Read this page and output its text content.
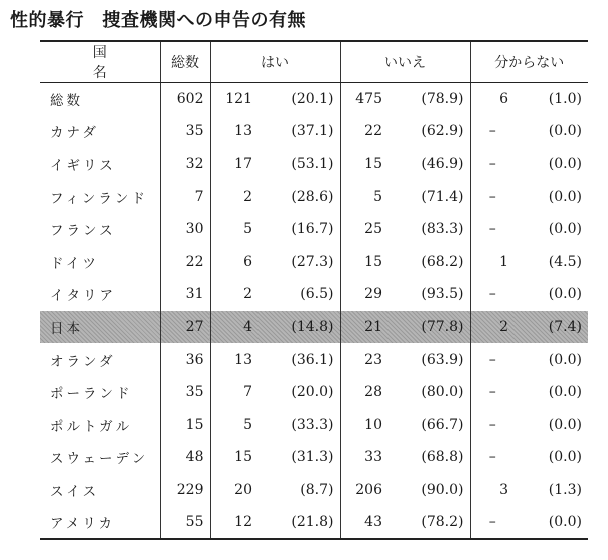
性的暴行　捜査機関への申告の有無
国　名	総数	はい		いいえ		分からない	
総数	602	121	(20.1)	475	(78.9)	6	(1.0)
カナダ	35	13	(37.1)	22	(62.9)	–	(0.0)
イギリス	32	17	(53.1)	15	(46.9)	–	(0.0)
フィンランド	7	2	(28.6)	5	(71.4)	–	(0.0)
フランス	30	5	(16.7)	25	(83.3)	–	(0.0)
ドイツ	22	6	(27.3)	15	(68.2)	1	(4.5)
イタリア	31	2	(6.5)	29	(93.5)	–	(0.0)
日本	27	4	(14.8)	21	(77.8)	2	(7.4)
オランダ	36	13	(36.1)	23	(63.9)	–	(0.0)
ポーランド	35	7	(20.0)	28	(80.0)	–	(0.0)
ポルトガル	15	5	(33.3)	10	(66.7)	–	(0.0)
スウェーデン	48	15	(31.3)	33	(68.8)	–	(0.0)
スイス	229	20	(8.7)	206	(90.0)	3	(1.3)
アメリカ	55	12	(21.8)	43	(78.2)	–	(0.0)
